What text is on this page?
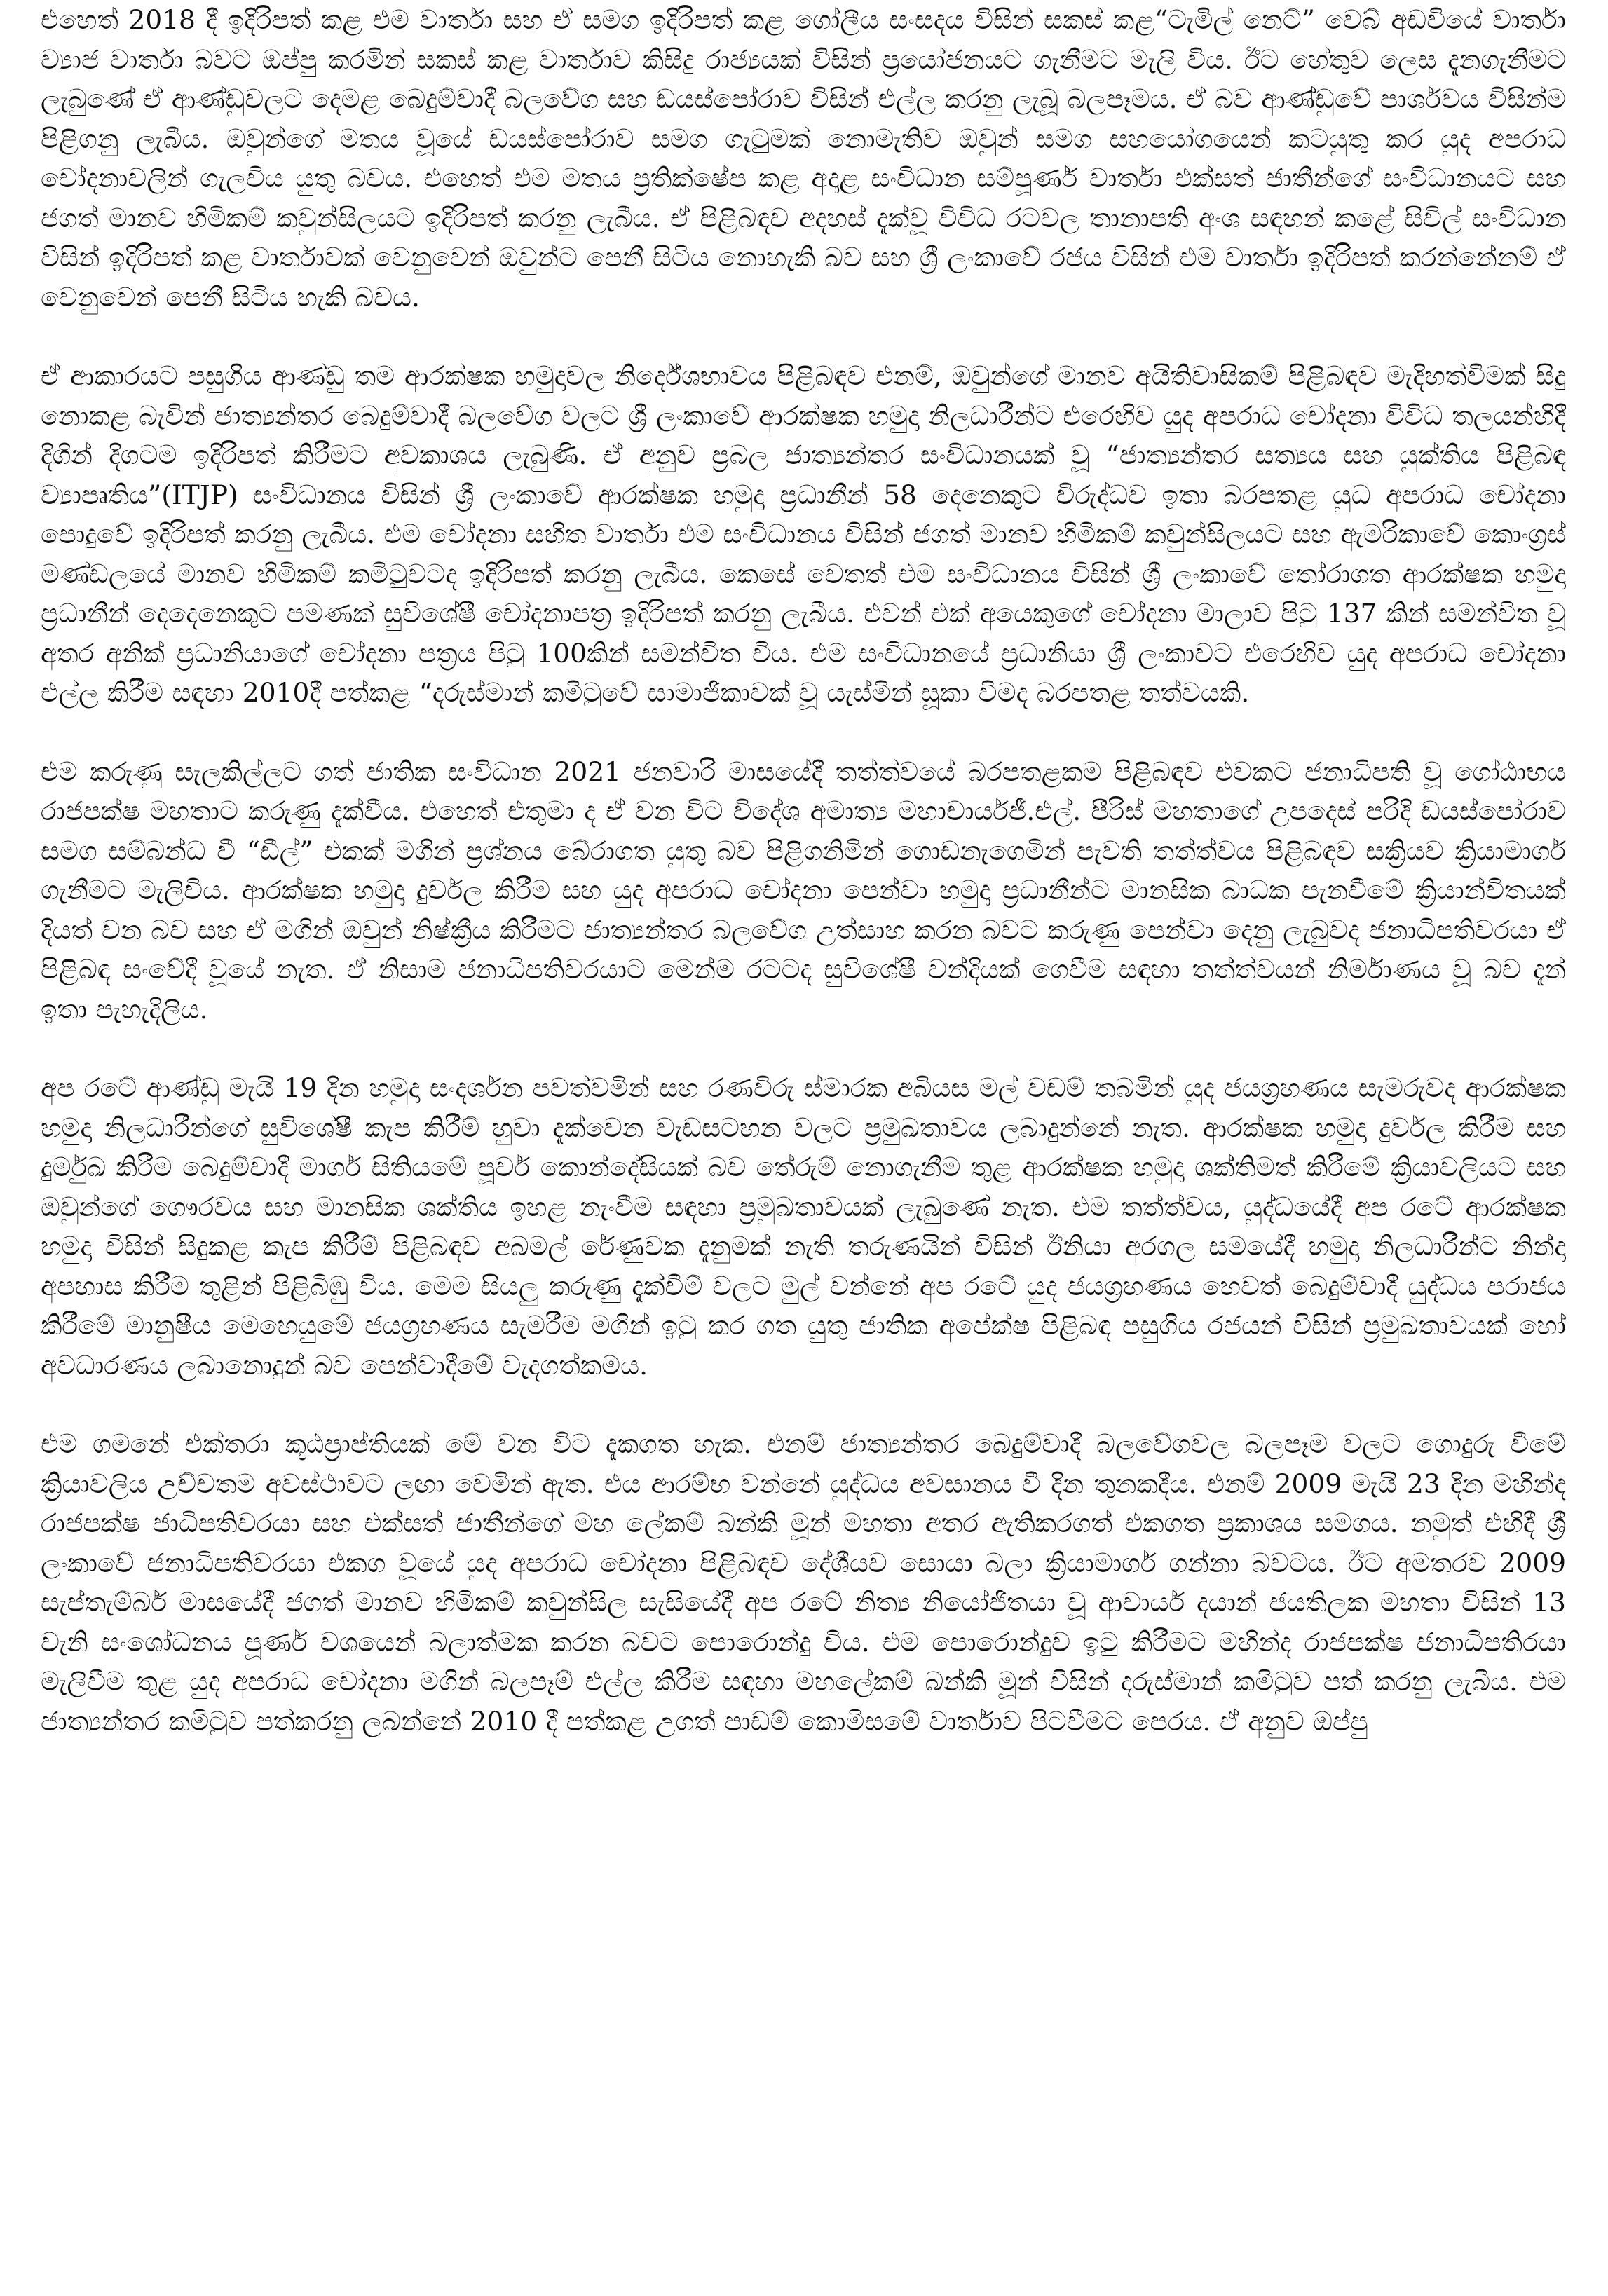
එහෙත් 2018 දී ඉදිරිපත් කළ එම වාර්තා සහ ඒ සමග ඉදිරිපත් කළ ගෝලීය සංසදය විසින් සකස් කළ“ටැමිල් නෙට්” වෙබ් අඩවියේ වාර්තා ව්‍යාජ වාර්තා බවට ඔප්පු කරමින් සකස් කළ වාර්තාව කිසිදු රාජ්‍යයක් විසින් ප්‍රයෝජනයට ගැනීමට මැලි විය. ඊට හේතුව ලෙස දැනගැනීමට ලැබුණේ ඒ ආණ්ඩුවලට දෙමළ බෙදුම්වාදී බලවේග සහ ඩයස්පෝරාව විසින් එල්ල කරනු ලැබූ බලපෑමය. ඒ බව ආණ්ඩුවේ පාර්ශවය විසින්ම පිළිගනු ලැබීය. ඔවුන්ගේ මතය වූයේ ඩයස්පෝරාව සමග ගැටුමක් නොමැතිව ඔවුන් සමග සහයෝගයෙන් කටයුතු කර යුද අපරාධ චෝදනාවලින් ගැලවිය යුතු බවය. එහෙත් එම මතය ප්‍රතික්ෂේප කළ අදාළ සංවිධාන සම්පූර්ණ වාර්තා එක්සත් ජාතීන්ගේ සංවිධානයට සහ ජගත් මානව හිමිකම් කවුන්සිලයට ඉදිරිපත් කරනු ලැබීය. ඒ පිළිබඳව අදහස් දැක්වූ විවිධ රටවල තානාපති අංශ සඳහන් කළේ සිවිල් සංවිධාන විසින් ඉදිරිපත් කළ වාර්තාවක් වෙනුවෙන් ඔවුන්ට පෙනී සිටිය නොහැකි බව සහ ශ්‍රී ලංකාවේ රජය විසින් එම වාර්තා ඉදිරිපත් කරන්නේනම් ඒ වෙනුවෙන් පෙනී සිටිය හැකි බවය.

ඒ ආකාරයට පසුගිය ආණ්ඩු තම ආරක්ෂක හමුදාවල නිර්දේශභාවය පිළිබඳව එනම්, ඔවුන්ගේ මානව අයිතිවාසිකම් පිළිබඳව මැදිහත්වීමක් සිදු නොකළ බැවින් ජාත්‍යන්තර බෙදුම්වාදී බලවේග වලට ශ්‍රී ලංකාවේ ආරක්ෂක හමුදා නිලධාරීන්ට එරෙහිව යුද අපරාධ චෝදනා විවිධ තලයන්හිදී දිගින් දිගටම ඉදිරිපත් කිරීමට අවකාශය ලැබුණි. ඒ අනුව ප්‍රබල ජාත්‍යන්තර සංවිධානයක් වූ “ජාත්‍යන්තර සත්‍යය සහ යුක්තිය පිළිබඳ ව්‍යාපෘතිය”(ITJP) සංවිධානය විසින් ශ්‍රී ලංකාවේ ආරක්ෂක හමුදා ප්‍රධානීන් 58 දෙනෙකුට විරුද්ධව ඉතා බරපතළ යුධ අපරාධ චෝදනා පොදුවේ ඉදිරිපත් කරනු ලැබීය. එම චෝදනා සහිත වාර්තා එම සංවිධානය විසින් ජගත් මානව හිමිකම් කවුන්සිලයට සහ ඇමරිකාවේ කොංග්‍රස් මණ්ඩලයේ මානව හිමිකම් කමිටුවටද ඉදිරිපත් කරනු ලැබීය. කෙසේ වෙතත් එම සංවිධානය විසින් ශ්‍රී ලංකාවේ තෝරාගත ආරක්ෂක හමුදා ප්‍රධානීන් දෙදෙනෙකුට පමණක් සුවිශේෂී චෝදනාපත්‍ර ඉදිරිපත් කරනු ලැබීය. එවන් එක් අයෙකුගේ චෝදනා මාලාව පිටු 137 කින් සමන්විත වූ අතර අනික් ප්‍රධානියාගේ චෝදනා පත්‍රය පිටු 100කින් සමන්විත විය. එම සංවිධානයේ ප්‍රධානියා ශ්‍රී ලංකාවට එරෙහිව යුද අපරාධ චෝදනා එල්ල කිරීම සඳහා 2010දී පත්කළ “දරුස්මාන් කමිටුවේ සාමාජිකාවක් වූ යැස්මින් සූකා විමද බරපතළ තත්වයකි.

එම කරුණු සැලකිල්ලට ගත් ජාතික සංවිධාන 2021 ජනවාරි මාසයේදී තත්ත්වයේ බරපතළකම පිළිබඳව එවකට ජනාධිපති වූ ගෝඨාභය රාජපක්ෂ මහතාට කරුණු දැක්වීය. එහෙත් එතුමා ද ඒ වන විට විදේශ අමාත්‍ය මහාචාර්යජී.එල්. පීරිස් මහතාගේ උපදෙස් පරිදි ඩයස්පෝරාව සමග සම්බන්ධ වී “ඩීල්” එකක් මගින් ප්‍රශ්නය බේරාගත යුතු බව පිළිගනිමින් ගොඩනැගෙමින් පැවති තත්ත්වය පිළිබඳව සක්‍රියව ක්‍රියාමාර්ග ගැනීමට මැලිවිය. ආරක්ෂක හමුදා දුර්වල කිරීම සහ යුද අපරාධ චෝදනා පෙන්වා හමුදා ප්‍රධානීන්ට මානසික බාධක පැනවීමේ ක්‍රියාන්විතයක් දියත් වන බව සහ ඒ මගින් ඔවුන් නිෂ්ක්‍රීය කිරීමට ජාත්‍යන්තර බලවේග උත්සාහ කරන බවට කරුණු පෙන්වා දෙනු ලැබුවද ජනාධිපතිවරයා ඒ පිළිබඳ සංවේදී වූයේ නැත. ඒ නිසාම ජනාධිපතිවරයාට මෙන්ම රටටද සුවිශේෂී වන්දියක් ගෙවීම සඳහා තත්ත්වයන් නිර්මාණය වූ බව දැන් ඉතා පැහැදිලිය.

අප රටේ ආණ්ඩු මැයි 19 දින හමුදා සංදර්ශන පවත්වමින් සහ රණවිරු ස්මාරක අබියස මල් වඩම් තබමින් යුද ජයග්‍රහණය සැමරුවද ආරක්ෂක හමුදා නිලධාරීන්ගේ සුවිශේෂී කැප කිරීම් හුවා දැක්වෙන වැඩසටහන වලට ප්‍රමුඛතාවය ලබාදුන්නේ නැත. ආරක්ෂක හමුදා දුර්වල කිරීම සහ දුර්මුඛ කිරීම බෙදුම්වාදී මාර්ග සිතියමේ පූර්ව කොන්දේසියක් බව තේරුම් නොගැනීම තුළ ආරක්ෂක හමුදා ශක්තිමත් කිරීමේ ක්‍රියාවලියට සහ ඔවුන්ගේ ගෞරවය සහ මානසික ශක්තිය ඉහළ නැංවීම සඳහා ප්‍රමුඛතාවයක් ලැබුණේ නැත. එම තත්ත්වය, යුද්ධයේදී අප රටේ ආරක්ෂක හමුදා විසින් සිදුකළ කැප කිරීම් පිළිබඳව අබමල් රේණුවක දැනුමක් නැති තරුණයින් විසින් ඊනියා අරගල සමයේදී හමුදා නිලධාරීන්ට නින්දා අපහාස කිරීම තුළින් පිළිබිඹු විය. මෙම සියලු කරුණු දැක්වීම් වලට මුල් වන්නේ අප රටේ යුද ජයග්‍රහණය හෙවත් බෙදුම්වාදී යුද්ධය පරාජය කිරීමේ මානුෂීය මෙහෙයුමේ ජයග්‍රහණය සැමරීම මගින් ඉටු කර ගත යුතු ජාතික අපේක්ෂ පිළිබඳ පසුගිය රජයන් විසින් ප්‍රමුඛතාවයක් හෝ අවධාරණය ලබානොදුන් බව පෙන්වාදීමේ වැදගත්කමය.

එම ගමනේ එක්තරා කූඨප්‍රාප්තියක් මේ වන විට දැකගත හැක. එනම් ජාත්‍යන්තර බෙදුම්වාදී බලවේගවල බලපෑම වලට ගොදුරු වීමේ ක්‍රියාවලිය උච්චතම අවස්ථාවට ලඟා වෙමින් ඇත. එය ආරම්භ වන්නේ යුද්ධය අවසානය වී දින තුනකදීය. එනම් 2009 මැයි 23 දින මහින්ද රාජපක්ෂ ජාධිපතිවරයා සහ එක්සත් ජාතීන්ගේ මහ ලේකම් බන්කි මූන් මහතා අතර ඇතිකරගත් එකගත ප්‍රකාශය සමගය. නමුත් එහිදී ශ්‍රී ලංකාවේ ජනාධිපතිවරයා එකග වූයේ යුද අපරාධ චෝදනා පිළිබඳව දේශීයව සොයා බලා ක්‍රියාමාර්ග ගන්නා බවටය. ඊට අමතරව 2009 සැප්තැම්බර් මාසයේදී ජගත් මානව හිමිකම් කවුන්සිල සැසියේදී අප රටේ නිත්‍ය නියෝජිතයා වූ ආචාර්ය දයාන් ජයතිලක මහතා විසින් 13 වැනි සංශෝධනය පූර්ණ වශයෙන් බලාත්මක කරන බවට පොරොන්දු විය. එම පොරොන්දුව ඉටු කිරීමට මහින්ද රාජපක්ෂ ජනාධිපතිරයා මැලිවීම තුළ යුද අපරාධ චෝදනා මගින් බලපෑම් එල්ල කිරීම සඳහා මහලේකම් බන්කි මූන් විසින් දරුස්මාන් කමිටුව පත් කරනු ලැබීය. එම ජාත්‍යන්තර කමිටුව පත්කරනු ලබන්නේ 2010 දී පත්කළ උගත් පාඩම් කොමිසමේ වාර්තාව පිටවීමට පෙරය. ඒ අනුව ඔප්පු
